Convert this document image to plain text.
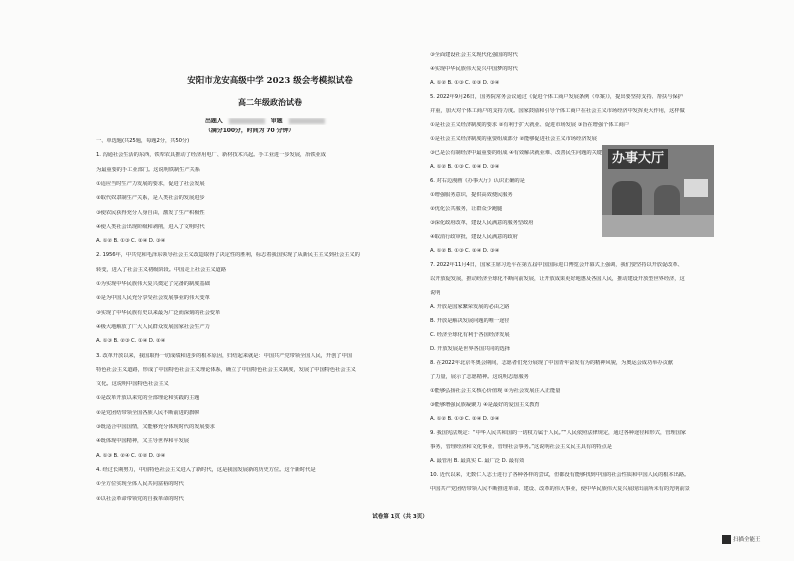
安阳市龙安高级中学 2023 级会考模拟试卷
高二年级政治试卷
出题人	审题
（满分100分，时间为 70 分钟）
一、单选题(共25题，每题2分，共50分)
1. 沟通社会生活的东西，铁犁农具推动了经济用电厂、新材技术兴起。手工业进一步发展，冶铁业成
为最重要的手工业部门。这说明铁制生产关系
①适应当时生产力发展的要求，促进了社会发展
②取代奴隶制生产关系，是人类社会的发展进步
③使农民获得充分人身自由，激发了生产积极性
④使人类社会出现阶级和剥削，进入了文明时代
A. ①② B. ①③ C. ②④ D. ③④
2. 1956年，中共党和毛泽东领导社会主义改造取得了决定性的胜利，标志着我国实现了从新民主主义到社会主义的
转变，进入了社会主义初级阶段。中国走上社会主义道路
①为实现中华民族伟大复兴奠定了完备的制度基础
②是为中国人民充分享受社会发展事业的伟大变革
③实现了中华民族有史以来最为广泛而深刻的社会变革
④极大地解放了广大人民群众发展国家社会生产力
A. ①③ B. ②③ C. ①④ D. ②④
3. 改革开放以来，我国取得一切成绩和进步的根本原因，归结起来就是：中国共产党带领全国人民，开创了中国
特色社会主义道路，形成了中国特色社会主义理论体系，确立了中国特色社会主义制度，发展了中国特色社会主义
文化。这说明中国特色社会主义
①是改革开放以来党的全部理论和实践的主题
②是党团结带领全国各族人民不断前进的旗帜
③既适合中国国情，又能够充分体现时代的发展要求
④既体现中国精神，又主导世界和平发展
A. ①③ B. ②④ C. ①② D. ③④
4. 经过长期努力，中国特色社会主义进入了新时代，这是我国发展新的历史方位。这个新时代是
①全方位实现全体人民共同富裕的时代
②以社会革命带领党的自我革命的时代
③全面建设社会主义现代化强国的时代
④实现中华民族伟大复兴中国梦的时代
A. ①② B. ①③ C. ②③ D. ③④
5. 2022年9月26日，国务院常务会议通过《促进个体工商户发展条例（草案）》，提出要坚持支持、帮扶与保护
并重，加大对个体工商户的支持力度。国家鼓励和引导个体工商户在社会主义市场经济中发挥更大作用，这样做
①是社会主义经济制度的要求 ②有利于扩大就业、促进市场发展 ③旨在增强个体工商户
①是社会主义经济制度的重要组成部分 ②能够促进社会主义市场经济发展
③已是公有制经济中最重要的组成 ④有效解决就业难、改善民生问题的关键
A. ①② B. ①③ C. ②④ D. ③④
6. 对右边漫画《办事大厅》认识正确的是
①增强服务意识，提供高效便民服务
②优化公共服务，让群众少跑腿
③深化政府改革，建设人民满意的服务型政府
④取消行政审批，建设人民满意的政府
A. ①② B. ①③ C. ②④ D. ③④
7. 2022年11月4日，国家主席习近平在第五届中国国际进口博览会开幕式上强调，我们要坚持以开放促改革、
以开放促发展，推动经济全球化不断向前发展，让开放成果更好地惠及各国人民，推动建设开放型世界经济，这
说明
A. 开放是国家繁荣发展的必由之路
B. 开放是解决发展问题的唯一途径
C. 经济全球化有利于各国经济发展
D. 开放发展是世界各国共同的选择
8. 在2022年北京冬奥会期间，志愿者们充分展现了中国青年奋发有为的精神风貌，为奥运会成功举办贡献
了力量，展示了志愿精神。这说明志愿服务
①能够弘扬社会主义核心价值观 ②为社会发展注入正能量
③能够增强民族凝聚力 ④是最好的爱国主义教育
A. ①② B. ①③ C. ②④ D. ③④
9. 我国宪法规定：“中华人民共和国的一切权力属于人民。”“人民依照法律规定，通过各种途径和形式，管理国家
事务，管理经济和文化事业，管理社会事务。”这说明社会主义民主具有的特点是
A. 最管用 B. 最真实 C. 最广泛 D. 最有效
10. 近代以来，无数仁人志士进行了各种各样的尝试，但都没有能够找到中国的社会性质和中国人民的根本出路。
中国共产党团结带领人民不断推进革命、建设、改革的伟大事业，使中华民族伟大复兴展现出前所未有的光明前景
办事大厅
试卷第 1页（共 3页）
扫描全能王
